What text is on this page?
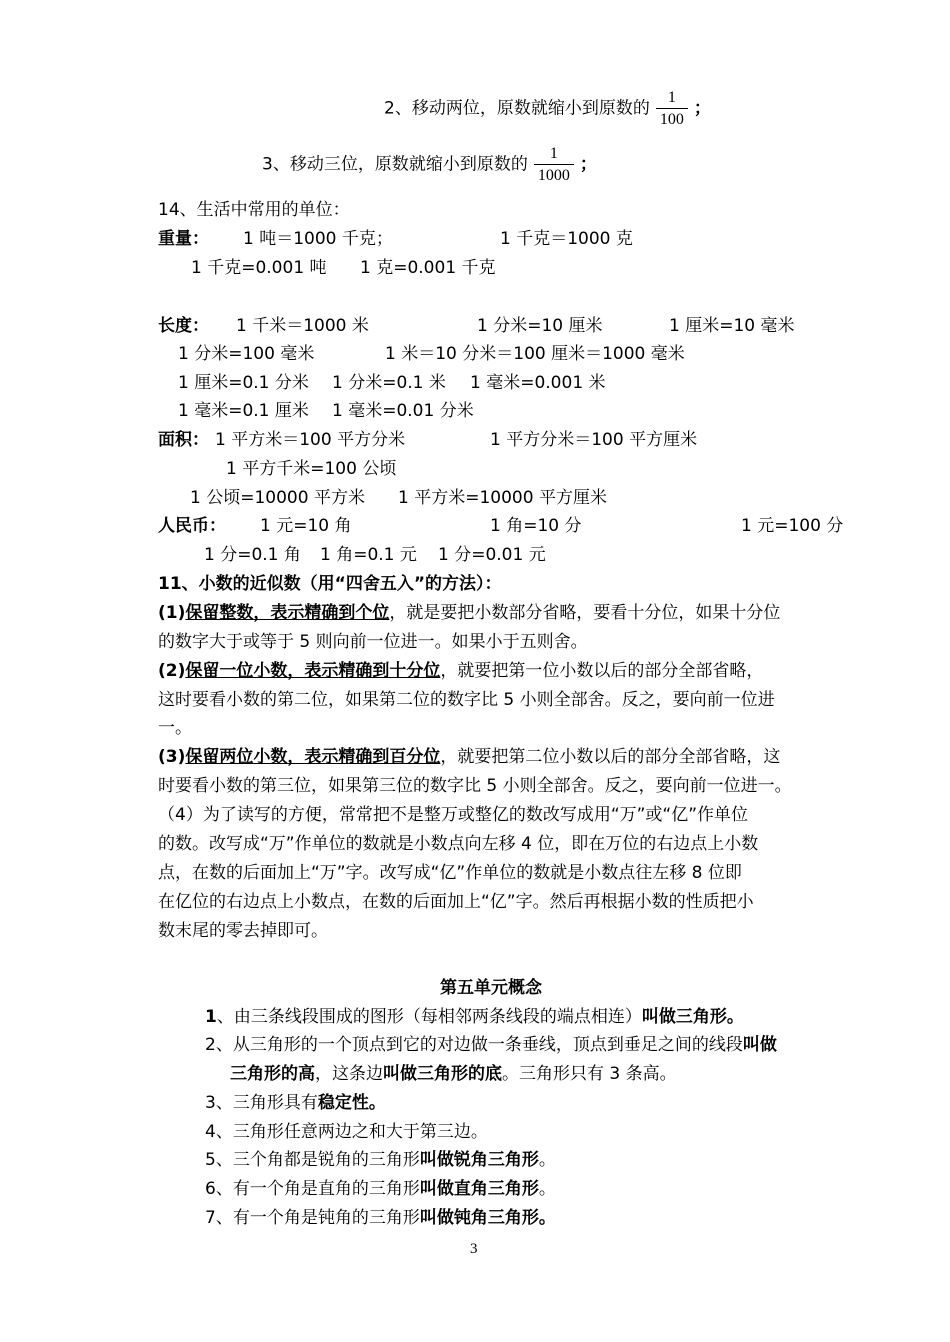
2、移动两位，原数就缩小到原数的 $\frac{1}{100}$ ；
3、移动三位，原数就缩小到原数的 $\frac{1}{1000}$ ；
14、生活中常用的单位：
重量： 1 吨＝1000 千克；	1 千克＝1000 克
1 千克=0.001 吨 1 克=0.001 千克
长度： 1 千米＝1000 米	1 分米=10 厘米	1 厘米=10 毫米
1 分米=100 毫米	1 米＝10 分米＝100 厘米＝1000 毫米
1 厘米=0.1 分米 1 分米=0.1 米 1 毫米=0.001 米
1 毫米=0.1 厘米 1 毫米=0.01 分米
面积： 1 平方米＝100 平方分米	1 平方分米＝100 平方厘米
1 平方千米=100 公顷
1 公顷=10000 平方米 1 平方米=10000 平方厘米
人民币： 1 元=10 角	1 角=10 分	1 元=100 分
1 分=0.1 角 1 角=0.1 元 1 分=0.01 元
11、小数的近似数（用“四舍五入”的方法）：
(1)保留整数，表示精确到个位，就是要把小数部分省略，要看十分位，如果十分位
的数字大于或等于 5 则向前一位进一。如果小于五则舍。
(2)保留一位小数，表示精确到十分位，就要把第一位小数以后的部分全部省略，
这时要看小数的第二位，如果第二位的数字比 5 小则全部舍。反之，要向前一位进
一。
(3)保留两位小数，表示精确到百分位，就要把第二位小数以后的部分全部省略，这
时要看小数的第三位，如果第三位的数字比 5 小则全部舍。反之，要向前一位进一。
（4）为了读写的方便，常常把不是整万或整亿的数改写成用“万”或“亿”作单位
的数。改写成“万”作单位的数就是小数点向左移 4 位，即在万位的右边点上小数
点，在数的后面加上“万”字。改写成“亿”作单位的数就是小数点往左移 8 位即
在亿位的右边点上小数点，在数的后面加上“亿”字。然后再根据小数的性质把小
数末尾的零去掉即可。
第五单元概念
1、由三条线段围成的图形（每相邻两条线段的端点相连）叫做三角形。
2、从三角形的一个顶点到它的对边做一条垂线，顶点到垂足之间的线段叫做
三角形的高，这条边叫做三角形的底。三角形只有 3 条高。
3、三角形具有稳定性。
4、三角形任意两边之和大于第三边。
5、三个角都是锐角的三角形叫做锐角三角形。
6、有一个角是直角的三角形叫做直角三角形。
7、有一个角是钝角的三角形叫做钝角三角形。
3
